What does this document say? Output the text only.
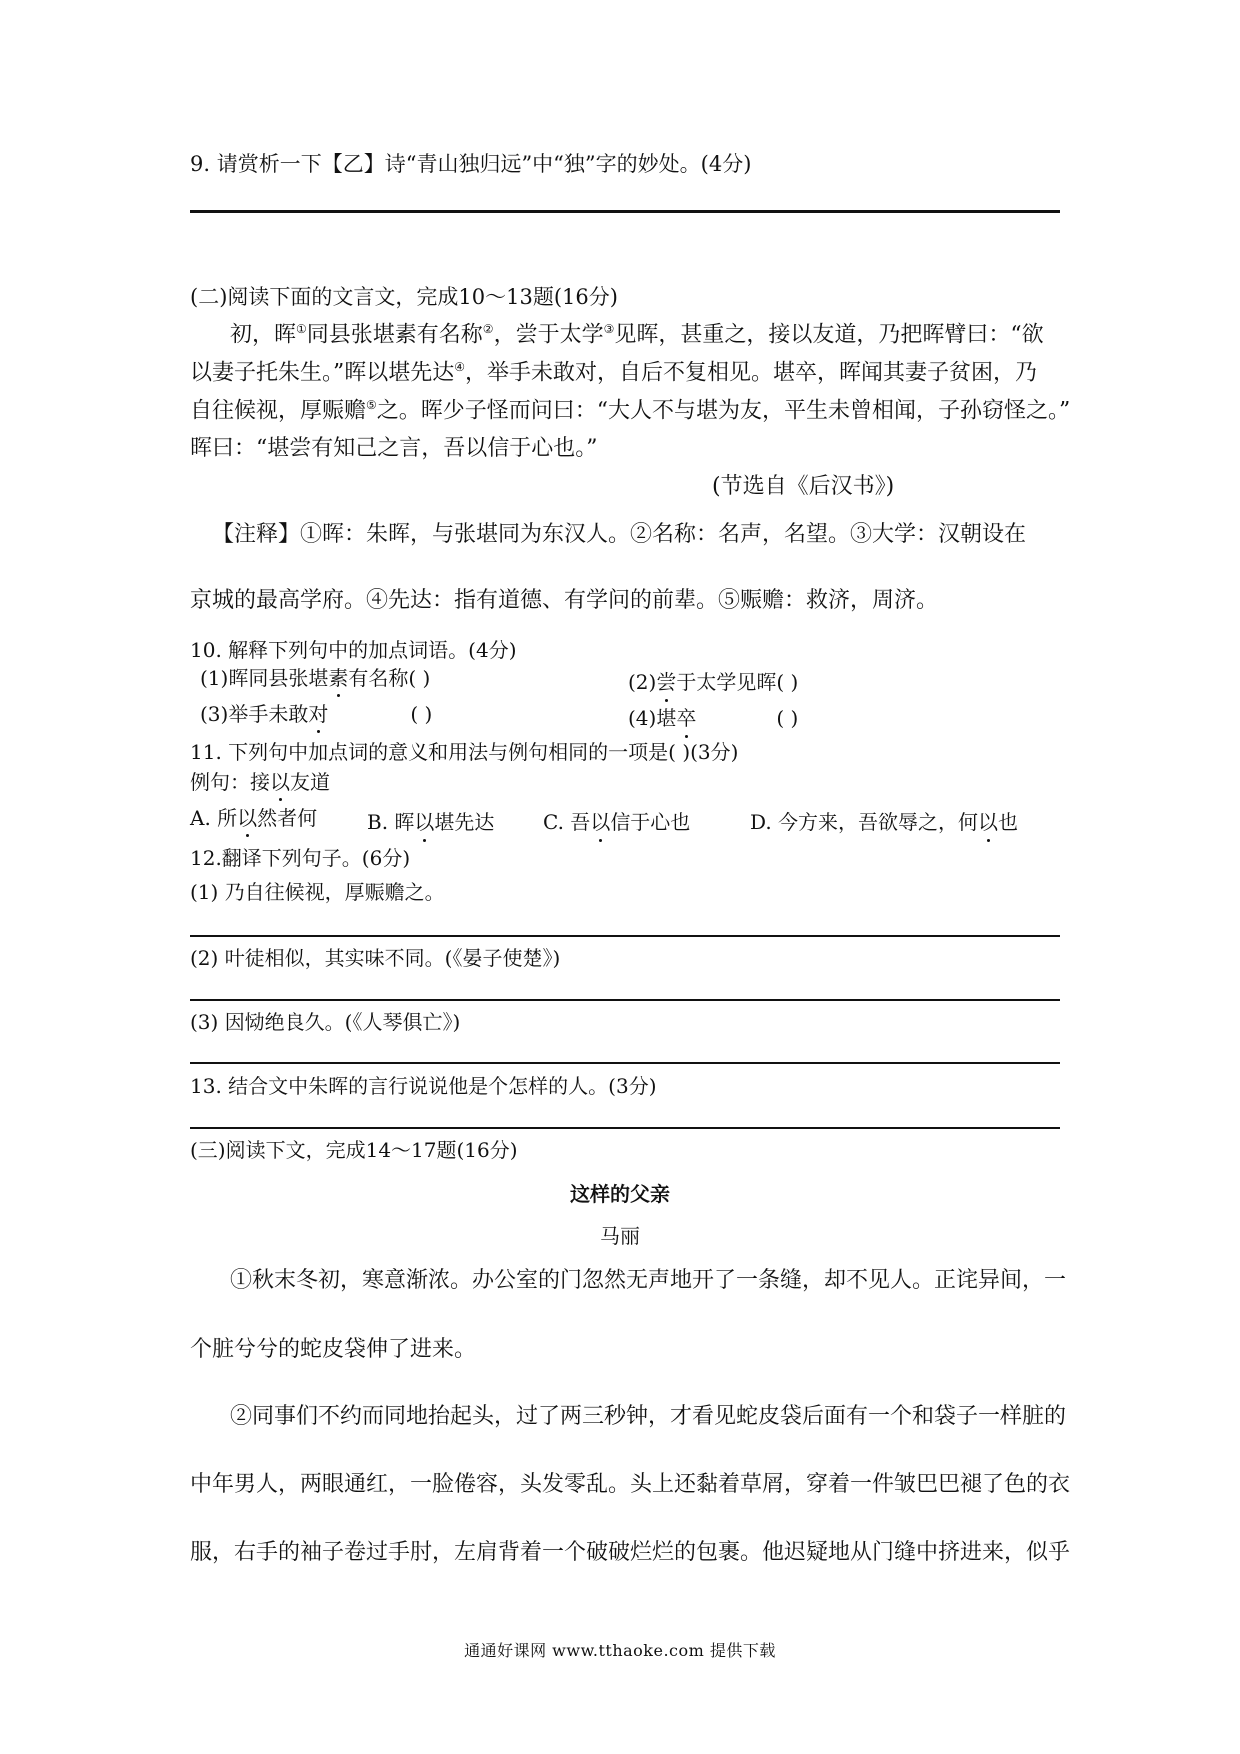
9. 请赏析一下【乙】诗“青山独归远”中“独”字的妙处。(4分)
(二)阅读下面的文言文，完成10～13题(16分)
初，晖①同县张堪素有名称②，尝于太学③见晖，甚重之，接以友道，乃把晖臂曰：“欲
以妻子托朱生。”晖以堪先达④，举手未敢对，自后不复相见。堪卒，晖闻其妻子贫困，乃
自往候视，厚赈赡⑤之。晖少子怪而问曰：“大人不与堪为友，平生未曾相闻，子孙窃怪之。”
晖曰：“堪尝有知己之言，吾以信于心也。”
(节选自《后汉书》)
【注释】①晖：朱晖，与张堪同为东汉人。②名称：名声，名望。③大学：汉朝设在
京城的最高学府。④先达：指有道德、有学问的前辈。⑤赈赡：救济，周济。
10. 解释下列句中的加点词语。(4分)
(1)晖同县张堪素有名称( )	(2)尝于太学见晖( )
(3)举手未敢对	( )	(4)堪卒	( )
11. 下列句中加点词的意义和用法与例句相同的一项是( )(3分)
例句：接以友道
A. 所以然者何 B. 晖以堪先达 C. 吾以信于心也	D. 今方来，吾欲辱之，何以也
12.翻译下列句子。(6分)
(1) 乃自往候视，厚赈赡之。
(2) 叶徒相似，其实味不同。(《晏子使楚》)
(3) 因恸绝良久。(《人琴俱亡》)
13. 结合文中朱晖的言行说说他是个怎样的人。(3分)
(三)阅读下文，完成14～17题(16分)
这样的父亲
马丽
①秋末冬初，寒意渐浓。办公室的门忽然无声地开了一条缝，却不见人。正诧异间，一
个脏兮兮的蛇皮袋伸了进来。
②同事们不约而同地抬起头，过了两三秒钟，才看见蛇皮袋后面有一个和袋子一样脏的
中年男人，两眼通红，一脸倦容，头发零乱。头上还黏着草屑，穿着一件皱巴巴褪了色的衣
服，右手的袖子卷过手肘，左肩背着一个破破烂烂的包裹。他迟疑地从门缝中挤进来，似乎
通通好课网 www.tthaoke.com 提供下载
